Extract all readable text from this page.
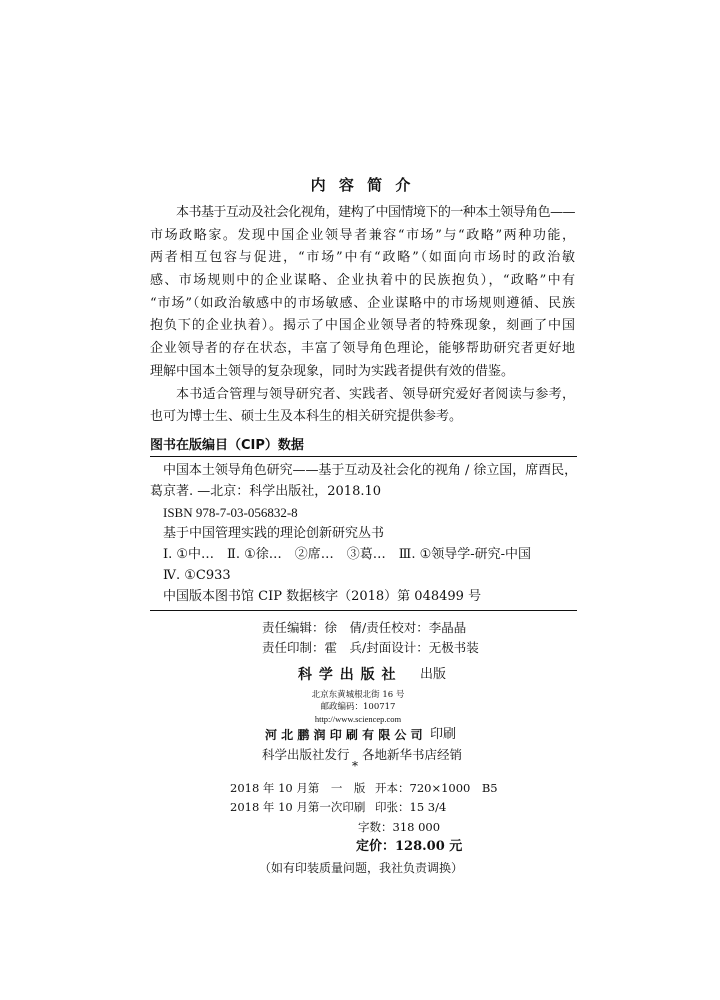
内 容 简 介
本书基于互动及社会化视角，建构了中国情境下的一种本土领导角色——
市场政略家。发现中国企业领导者兼容“市场”与“政略”两种功能，
两者相互包容与促进，“市场”中有“政略”（如面向市场时的政治敏
感、市场规则中的企业谋略、企业执着中的民族抱负），“政略”中有
“市场”（如政治敏感中的市场敏感、企业谋略中的市场规则遵循、民族
抱负下的企业执着）。揭示了中国企业领导者的特殊现象，刻画了中国
企业领导者的存在状态，丰富了领导角色理论，能够帮助研究者更好地
理解中国本土领导的复杂现象，同时为实践者提供有效的借鉴。
本书适合管理与领导研究者、实践者、领导研究爱好者阅读与参考，
也可为博士生、硕士生及本科生的相关研究提供参考。
图书在版编目（CIP）数据
中国本土领导角色研究——基于互动及社会化的视角 / 徐立国，席酉民，
葛京著. —北京：科学出版社，2018.10
ISBN 978-7-03-056832-8
基于中国管理实践的理论创新研究丛书
Ⅰ. ①中…　Ⅱ. ①徐…　②席…　③葛…　Ⅲ. ①领导学-研究-中国
Ⅳ. ①C933
中国版本图书馆 CIP 数据核字（2018）第 048499 号
责任编辑：徐　倩/责任校对：李晶晶
责任印制：霍　兵/封面设计：无极书装
科 学 出 版 社 出版
北京东黄城根北街 16 号
邮政编码：100717
http://www.sciencep.com
河 北 鹏 润 印 刷 有 限 公 司 印刷
科学出版社发行　各地新华书店经销
*
2018 年 10 月第　一　版 开本：720×1000　B5
2018 年 10 月第一次印刷 印张：15 3/4
字数：318 000
定价：128.00 元
（如有印装质量问题，我社负责调换）
